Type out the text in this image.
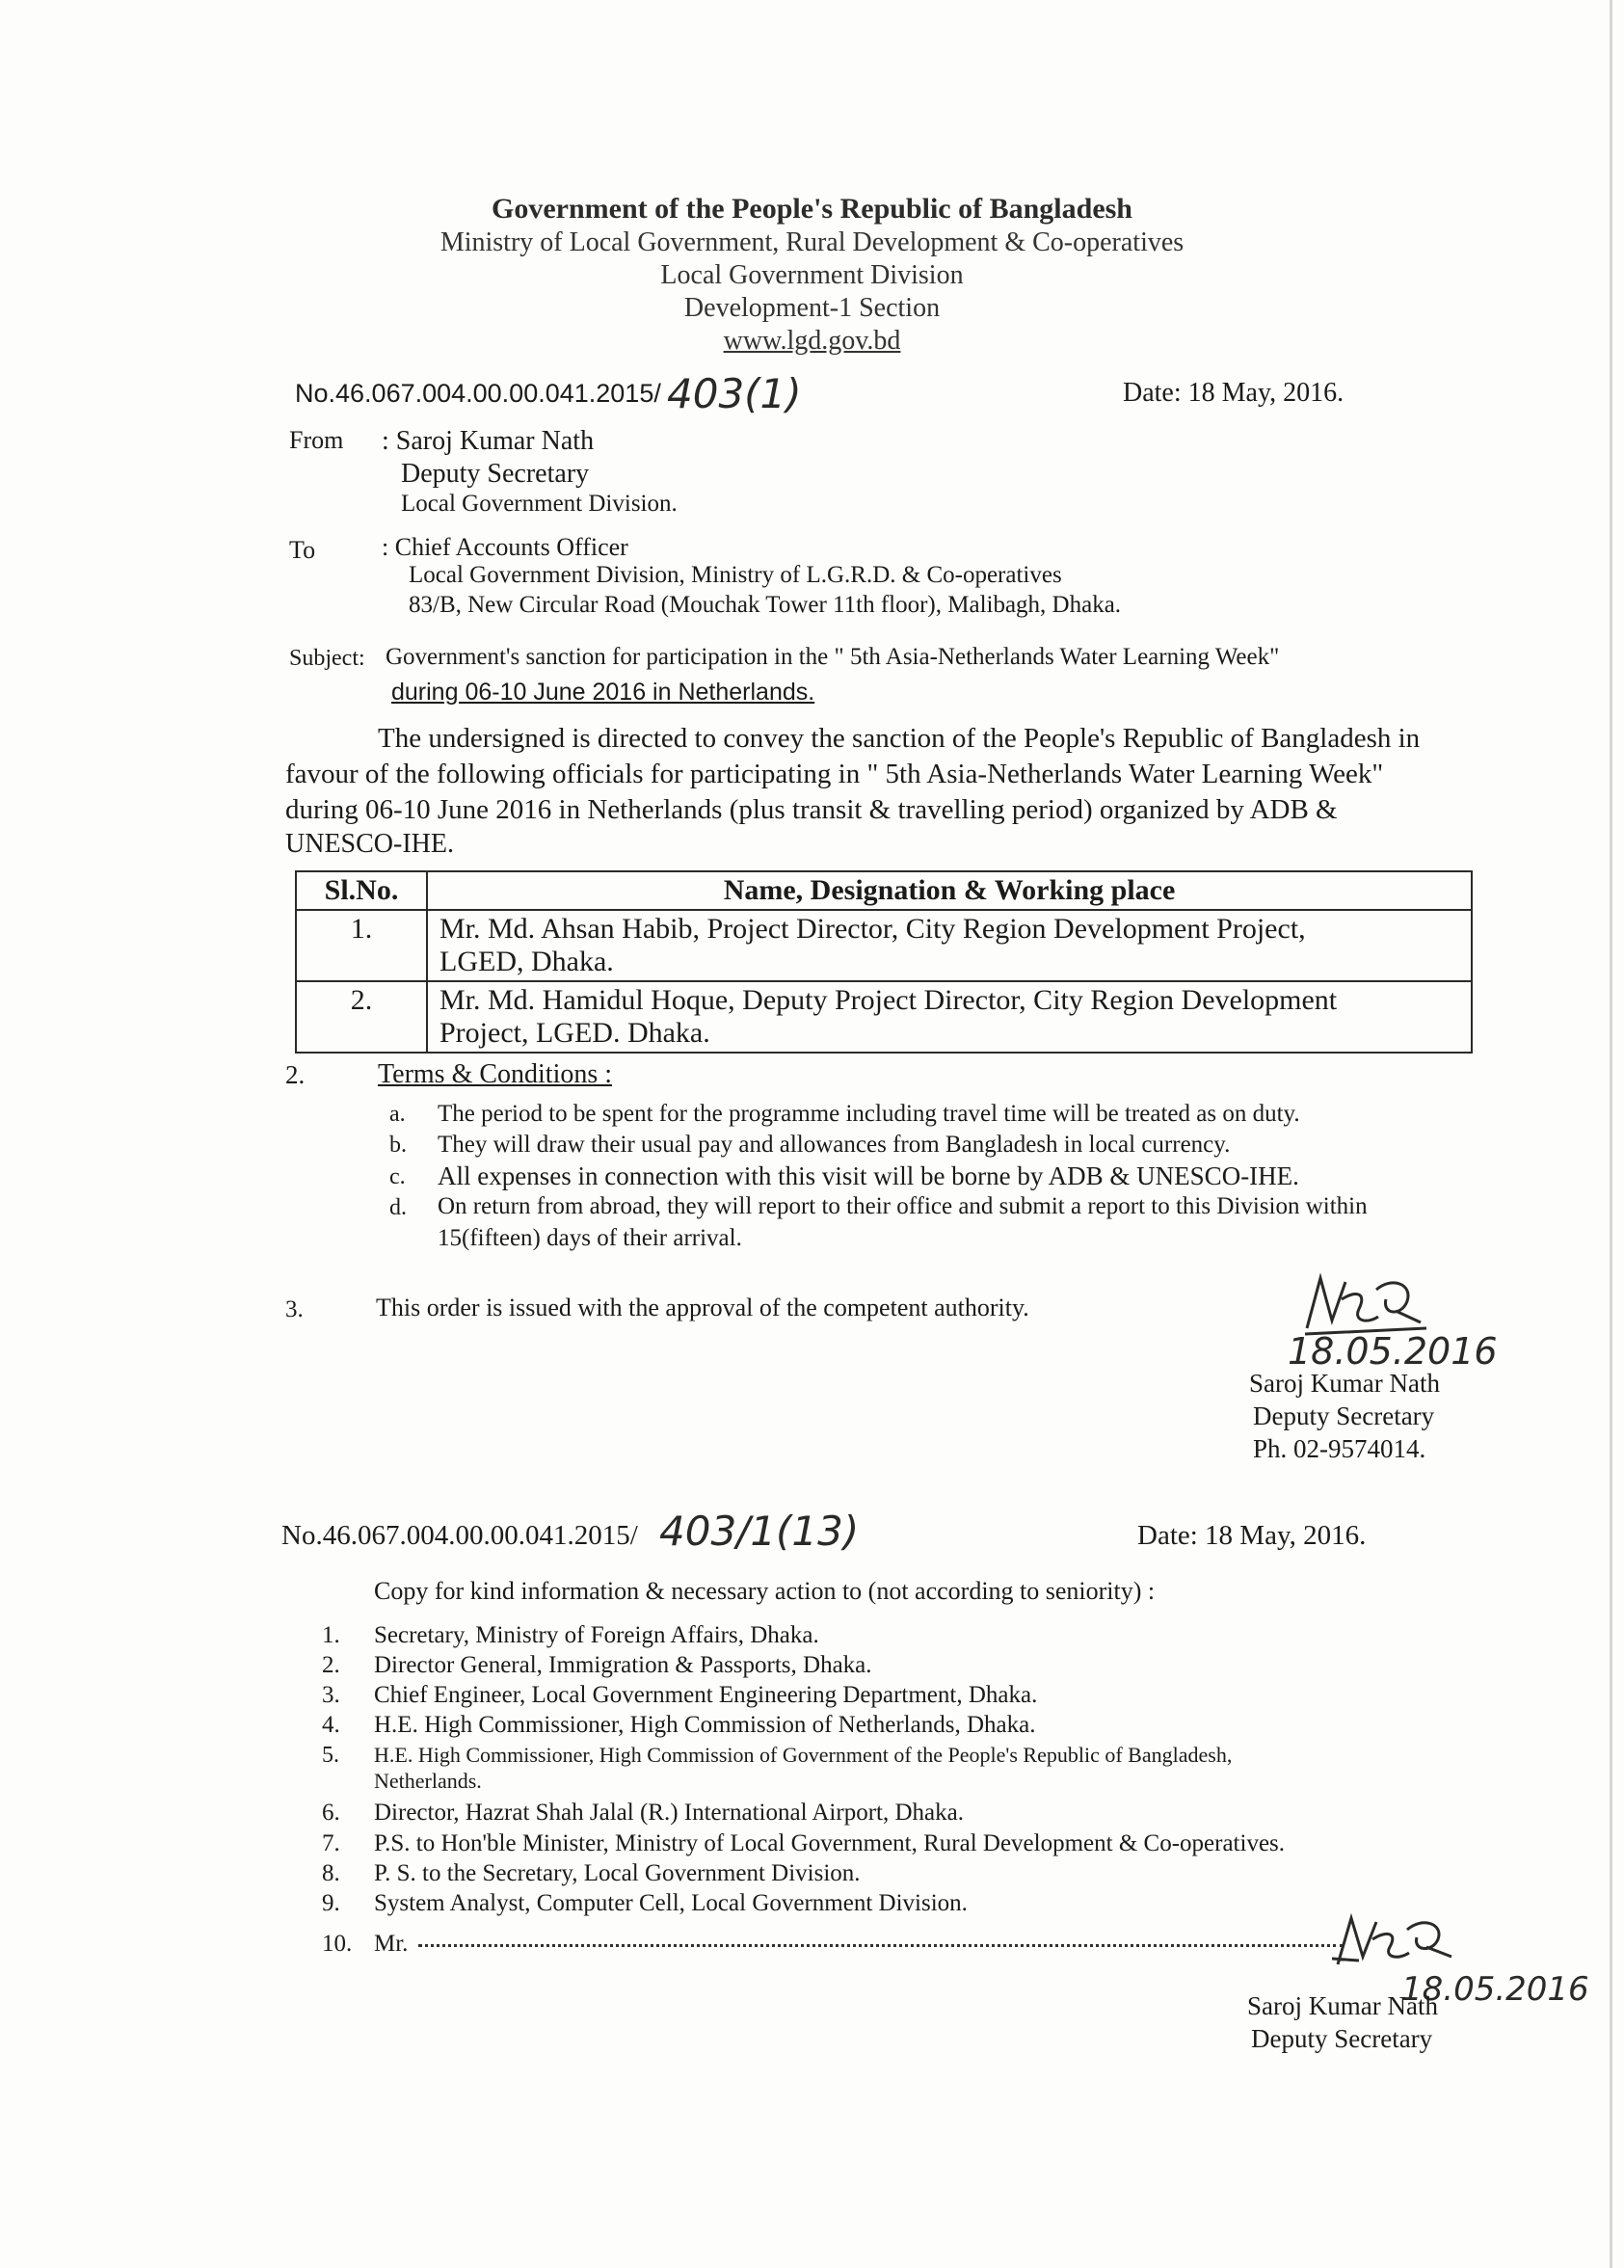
Government of the People's Republic of Bangladesh
Ministry of Local Government, Rural Development & Co-operatives
Local Government Division
Development-1 Section
www.lgd.gov.bd
No.46.067.004.00.00.041.2015/ 403(1)	Date: 18 May, 2016.
From : Saroj Kumar Nath
Deputy Secretary
Local Government Division.
To	: Chief Accounts Officer
Local Government Division, Ministry of L.G.R.D. & Co-operatives
83/B, New Circular Road (Mouchak Tower 11th floor), Malibagh, Dhaka.
Subject: Government's sanction for participation in the " 5th Asia-Netherlands Water Learning Week"
during 06-10 June 2016 in Netherlands.
The undersigned is directed to convey the sanction of the People's Republic of Bangladesh in
favour of the following officials for participating in " 5th Asia-Netherlands Water Learning Week"
during 06-10 June 2016 in Netherlands (plus transit & travelling period) organized by ADB &
UNESCO-IHE.
Sl.No.	Name, Designation & Working place
1.	Mr. Md. Ahsan Habib, Project Director, City Region Development Project,
LGED, Dhaka.

2.	Mr. Md. Hamidul Hoque, Deputy Project Director, City Region Development
Project, LGED. Dhaka.
2.	Terms & Conditions :
a. The period to be spent for the programme including travel time will be treated as on duty.
b. They will draw their usual pay and allowances from Bangladesh in local currency.
c. All expenses in connection with this visit will be borne by ADB & UNESCO-IHE.
d. On return from abroad, they will report to their office and submit a report to this Division within
15(fifteen) days of their arrival.
3.	This order is issued with the approval of the competent authority.
18.05.2016
Saroj Kumar Nath
Deputy Secretary
Ph. 02-9574014.
No.46.067.004.00.00.041.2015/ 403/1(13)	Date: 18 May, 2016.
Copy for kind information & necessary action to (not according to seniority) :
1. Secretary, Ministry of Foreign Affairs, Dhaka.
2. Director General, Immigration & Passports, Dhaka.
3. Chief Engineer, Local Government Engineering Department, Dhaka.
4. H.E. High Commissioner, High Commission of Netherlands, Dhaka.
5. H.E. High Commissioner, High Commission of Government of the People's Republic of Bangladesh,
Netherlands.
6. Director, Hazrat Shah Jalal (R.) International Airport, Dhaka.
7. P.S. to Hon'ble Minister, Ministry of Local Government, Rural Development & Co-operatives.
8. P. S. to the Secretary, Local Government Division.
9. System Analyst, Computer Cell, Local Government Division.
10. Mr.
18.05.2016
Saroj Kumar Nath
Deputy Secretary
